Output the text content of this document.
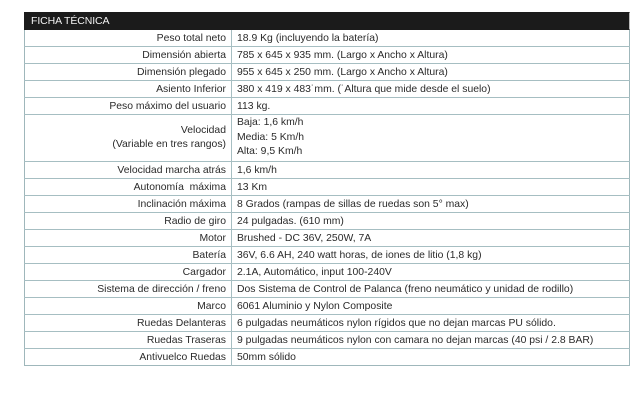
FICHA TÉCNICA
Peso total neto	18.9 Kg (incluyendo la batería)
Dimensión abierta	785 x 645 x 935 mm. (Largo x Ancho x Altura)
Dimensión plegado	955 x 645 x 250 mm. (Largo x Ancho x Altura)
Asiento Inferior	380 x 419 x 483˙mm. (˙Altura que mide desde el suelo)
Peso máximo del usuario	113 kg.

Velocidad
(Variable en tres rangos)	Baja: 1,6 km/h
Media: 5 Km/h
Alta: 9,5 Km/h

Velocidad marcha atrás	1,6 km/h
Autonomía  máxima	13 Km
Inclinación máxima	8 Grados (rampas de sillas de ruedas son 5° max)
Radio de giro	24 pulgadas. (610 mm)
Motor	Brushed - DC 36V, 250W, 7A
Batería	36V, 6.6 AH, 240 watt horas, de iones de litio (1,8 kg)
Cargador	2.1A, Automático, input 100-240V
Sistema de dirección / freno	Dos Sistema de Control de Palanca (freno neumático y unidad de rodillo)
Marco	6061 Aluminio y Nylon Composite
Ruedas Delanteras	6 pulgadas neumáticos nylon rígidos que no dejan marcas PU sólido.
Ruedas Traseras	9 pulgadas neumáticos nylon con camara no dejan marcas (40 psi / 2.8 BAR)
Antivuelco Ruedas	50mm sólido
